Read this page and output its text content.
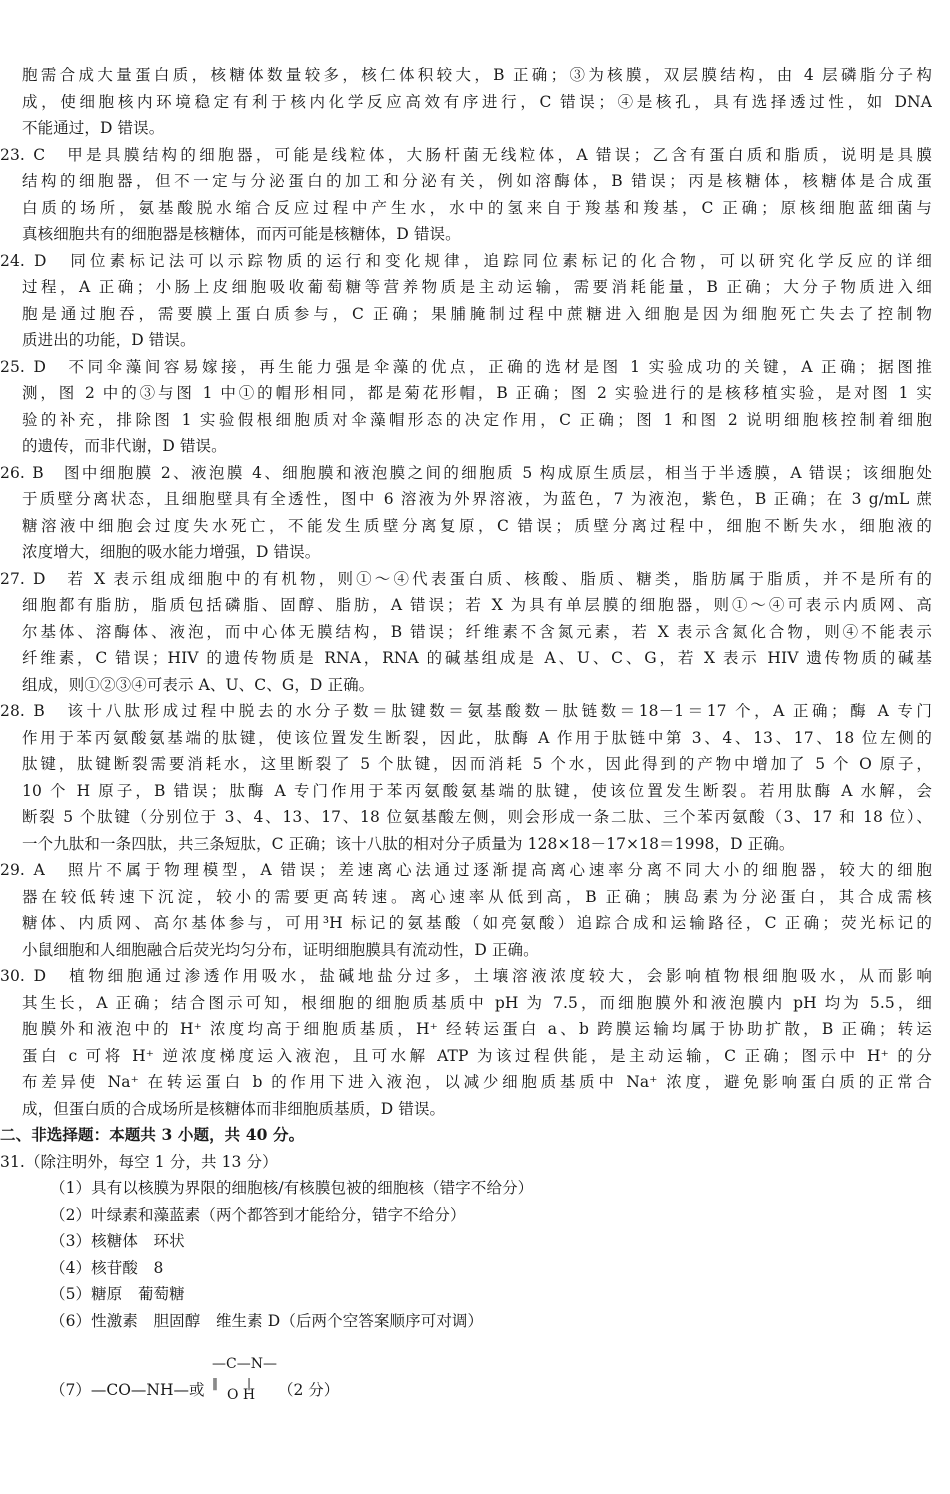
胞需合成大量蛋白质，核糖体数量较多，核仁体积较大，B 正确；③为核膜，双层膜结构，由 4 层磷脂分子构
成，使细胞核内环境稳定有利于核内化学反应高效有序进行，C 错误；④是核孔，具有选择透过性，如 DNA
不能通过，D 错误。
23. C　甲是具膜结构的细胞器，可能是线粒体，大肠杆菌无线粒体，A 错误；乙含有蛋白质和脂质，说明是具膜
结构的细胞器，但不一定与分泌蛋白的加工和分泌有关，例如溶酶体，B 错误；丙是核糖体，核糖体是合成蛋
白质的场所，氨基酸脱水缩合反应过程中产生水，水中的氢来自于羧基和羧基，C 正确；原核细胞蓝细菌与
真核细胞共有的细胞器是核糖体，而丙可能是核糖体，D 错误。
24. D　同位素标记法可以示踪物质的运行和变化规律，追踪同位素标记的化合物，可以研究化学反应的详细
过程，A 正确；小肠上皮细胞吸收葡萄糖等营养物质是主动运输，需要消耗能量，B 正确；大分子物质进入细
胞是通过胞吞，需要膜上蛋白质参与，C 正确；果脯腌制过程中蔗糖进入细胞是因为细胞死亡失去了控制物
质进出的功能，D 错误。
25. D　不同伞藻间容易嫁接，再生能力强是伞藻的优点，正确的选材是图 1 实验成功的关键，A 正确；据图推
测，图 2 中的③与图 1 中①的帽形相同，都是菊花形帽，B 正确；图 2 实验进行的是核移植实验，是对图 1 实
验的补充，排除图 1 实验假根细胞质对伞藻帽形态的决定作用，C 正确；图 1 和图 2 说明细胞核控制着细胞
的遗传，而非代谢，D 错误。
26. B　图中细胞膜 2、液泡膜 4、细胞膜和液泡膜之间的细胞质 5 构成原生质层，相当于半透膜，A 错误；该细胞处
于质壁分离状态，且细胞壁具有全透性，图中 6 溶液为外界溶液，为蓝色，7 为液泡，紫色，B 正确；在 3 g/mL 蔗
糖溶液中细胞会过度失水死亡，不能发生质壁分离复原，C 错误；质壁分离过程中，细胞不断失水，细胞液的
浓度增大，细胞的吸水能力增强，D 错误。
27. D　若 X 表示组成细胞中的有机物，则①～④代表蛋白质、核酸、脂质、糖类，脂肪属于脂质，并不是所有的
细胞都有脂肪，脂质包括磷脂、固醇、脂肪，A 错误；若 X 为具有单层膜的细胞器，则①～④可表示内质网、高
尔基体、溶酶体、液泡，而中心体无膜结构，B 错误；纤维素不含氮元素，若 X 表示含氮化合物，则④不能表示
纤维素，C 错误；HIV 的遗传物质是 RNA，RNA 的碱基组成是 A、U、C、G，若 X 表示 HIV 遗传物质的碱基
组成，则①②③④可表示 A、U、C、G，D 正确。
28. B　该十八肽形成过程中脱去的水分子数＝肽键数＝氨基酸数－肽链数＝18－1＝17 个，A 正确；酶 A 专门
作用于苯丙氨酸氨基端的肽键，使该位置发生断裂，因此，肽酶 A 作用于肽链中第 3、4、13、17、18 位左侧的
肽键，肽键断裂需要消耗水，这里断裂了 5 个肽键，因而消耗 5 个水，因此得到的产物中增加了 5 个 O 原子，
10 个 H 原子，B 错误；肽酶 A 专门作用于苯丙氨酸氨基端的肽键，使该位置发生断裂。若用肽酶 A 水解，会
断裂 5 个肽键（分别位于 3、4、13、17、18 位氨基酸左侧，则会形成一条二肽、三个苯丙氨酸（3、17 和 18 位）、
一个九肽和一条四肽，共三条短肽，C 正确；该十八肽的相对分子质量为 128×18－17×18＝1998，D 正确。
29. A　照片不属于物理模型，A 错误；差速离心法通过逐渐提高离心速率分离不同大小的细胞器，较大的细胞
器在较低转速下沉淀，较小的需要更高转速。离心速率从低到高，B 正确；胰岛素为分泌蛋白，其合成需核
糖体、内质网、高尔基体参与，可用³H 标记的氨基酸（如亮氨酸）追踪合成和运输路径，C 正确；荧光标记的
小鼠细胞和人细胞融合后荧光均匀分布，证明细胞膜具有流动性，D 正确。
30. D　植物细胞通过渗透作用吸水，盐碱地盐分过多，土壤溶液浓度较大，会影响植物根细胞吸水，从而影响
其生长，A 正确；结合图示可知，根细胞的细胞质基质中 pH 为 7.5，而细胞膜外和液泡膜内 pH 均为 5.5，细
胞膜外和液泡中的 H⁺ 浓度均高于细胞质基质，H⁺ 经转运蛋白 a、b 跨膜运输均属于协助扩散，B 正确；转运
蛋白 c 可将 H⁺ 逆浓度梯度运入液泡，且可水解 ATP 为该过程供能，是主动运输，C 正确；图示中 H⁺ 的分
布差异使 Na⁺ 在转运蛋白 b 的作用下进入液泡，以减少细胞质基质中 Na⁺ 浓度，避免影响蛋白质的正常合
成，但蛋白质的合成场所是核糖体而非细胞质基质，D 错误。
二、非选择题：本题共 3 小题，共 40 分。
31.（除注明外，每空 1 分，共 13 分）
（1）具有以核膜为界限的细胞核/有核膜包被的细胞核（错字不给分）
（2）叶绿素和藻蓝素（两个都答到才能给分，错字不给分）
（3）核糖体　环状
（4）核苷酸　8
（5）糖原　葡萄糖
（6）性激素　胆固醇　维生素 D（后两个空答案顺序可对调）
（7）—CO—NH—或
—C—N—
‖ |
O H （2 分）
